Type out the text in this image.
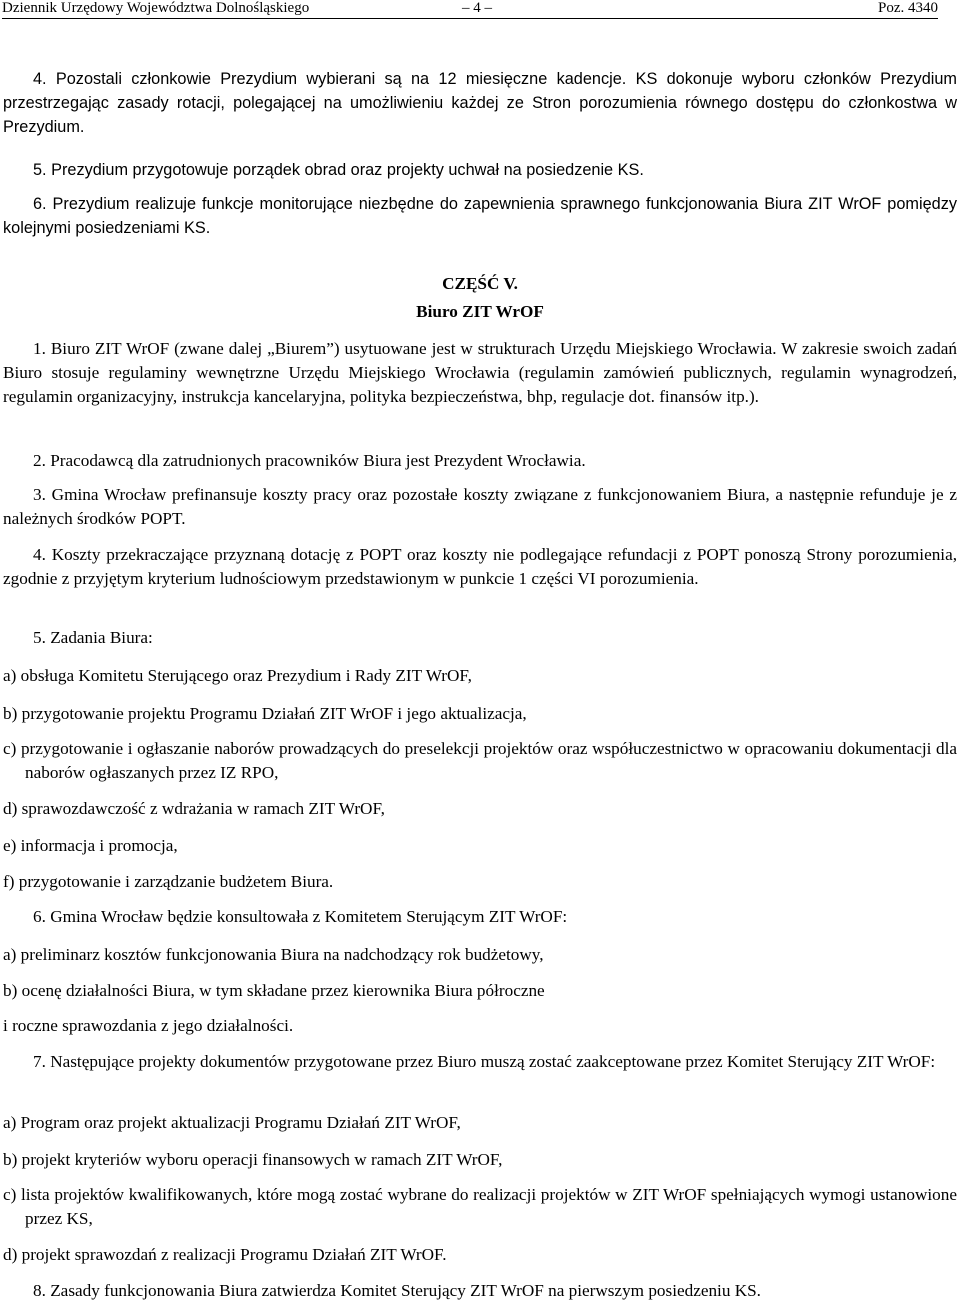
Dziennik Urzędowy Województwa Dolnośląskiego	– 4 –	Poz. 4340

4. Pozostali członkowie Prezydium wybierani są na 12 miesięczne kadencje. KS dokonuje wyboru członków Prezydium przestrzegając zasady rotacji, polegającej na umożliwieniu każdej ze Stron porozumienia równego dostępu do członkostwa w Prezydium.

5. Prezydium przygotowuje porządek obrad oraz projekty uchwał na posiedzenie KS.

6. Prezydium realizuje funkcje monitorujące niezbędne do zapewnienia sprawnego funkcjonowania Biura ZIT WrOF pomiędzy kolejnymi posiedzeniami KS.

CZĘŚĆ V.

Biuro ZIT WrOF

1. Biuro ZIT WrOF (zwane dalej „Biurem”) usytuowane jest w strukturach Urzędu Miejskiego Wrocławia. W zakresie swoich zadań Biuro stosuje regulaminy wewnętrzne Urzędu Miejskiego Wrocławia (regulamin zamówień publicznych, regulamin wynagrodzeń, regulamin organizacyjny, instrukcja kancelaryjna, polityka bezpieczeństwa, bhp, regulacje dot. finansów itp.).

2. Pracodawcą dla zatrudnionych pracowników Biura jest Prezydent Wrocławia.

3. Gmina Wrocław prefinansuje koszty pracy oraz pozostałe koszty związane z funkcjonowaniem Biura, a następnie refunduje je z należnych środków POPT.

4. Koszty przekraczające przyznaną dotację z POPT oraz koszty nie podlegające refundacji z POPT ponoszą Strony porozumienia, zgodnie z przyjętym kryterium ludnościowym przedstawionym w punkcie 1 części VI porozumienia.

5. Zadania Biura:

a) obsługa Komitetu Sterującego oraz Prezydium i Rady ZIT WrOF,

b) przygotowanie projektu Programu Działań ZIT WrOF i jego aktualizacja,

c) przygotowanie i ogłaszanie naborów prowadzących do preselekcji projektów oraz współuczestnictwo w opracowaniu dokumentacji dla naborów ogłaszanych przez IZ RPO,

d) sprawozdawczość z wdrażania w ramach ZIT WrOF,

e) informacja i promocja,

f) przygotowanie i zarządzanie budżetem Biura.

6. Gmina Wrocław będzie konsultowała z Komitetem Sterującym ZIT WrOF:

a) preliminarz kosztów funkcjonowania Biura na nadchodzący rok budżetowy,

b) ocenę działalności Biura, w tym składane przez kierownika Biura półroczne

i roczne sprawozdania z jego działalności.

7. Następujące projekty dokumentów przygotowane przez Biuro muszą zostać zaakceptowane przez Komitet Sterujący ZIT WrOF:

a) Program oraz projekt aktualizacji Programu Działań ZIT WrOF,

b) projekt kryteriów wyboru operacji finansowych w ramach ZIT WrOF,

c) lista projektów kwalifikowanych, które mogą zostać wybrane do realizacji projektów w ZIT WrOF spełniających wymogi ustanowione przez KS,

d) projekt sprawozdań z realizacji Programu Działań ZIT WrOF.

8. Zasady funkcjonowania Biura zatwierdza Komitet Sterujący ZIT WrOF na pierwszym posiedzeniu KS.
